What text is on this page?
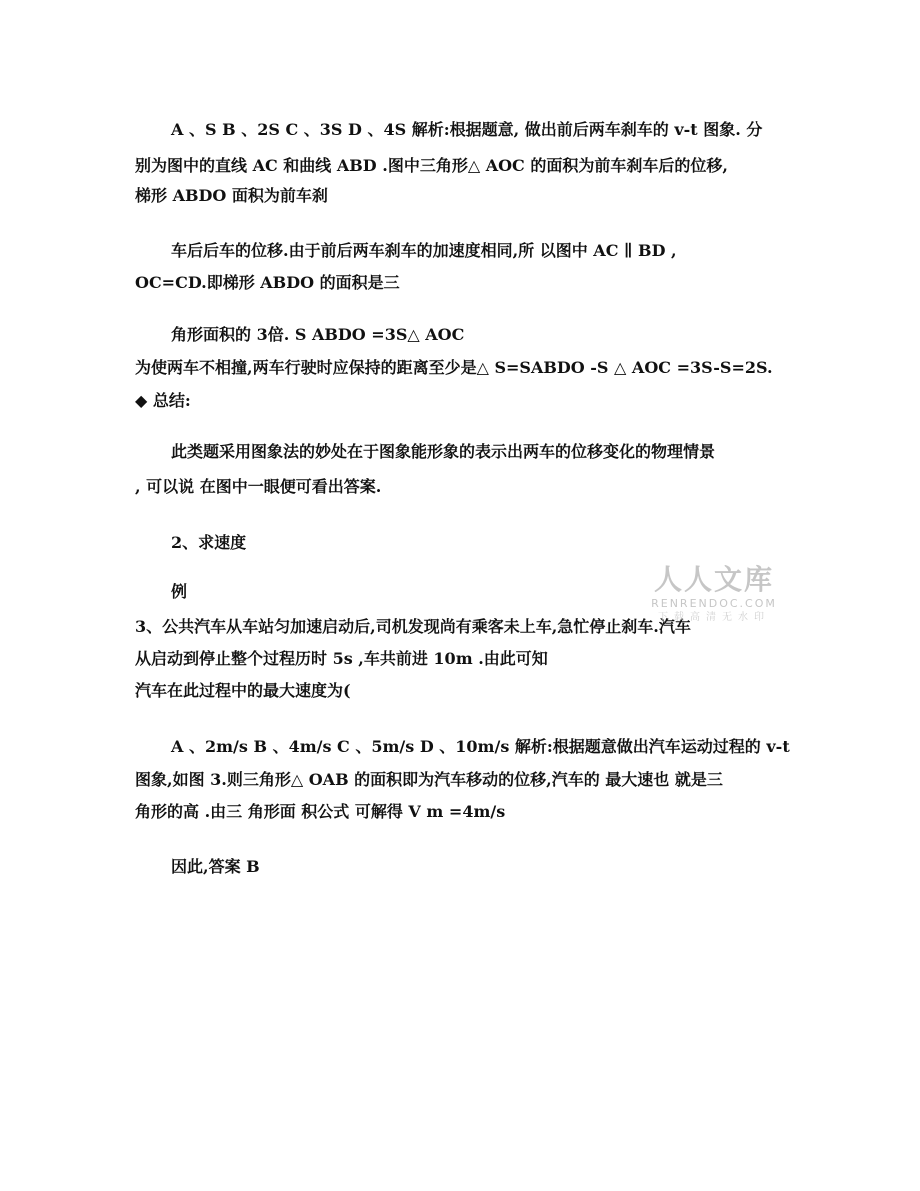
A 、S B 、2S C 、3S D 、4S 解析:根据题意, 做出前后两车刹车的 v-t 图象. 分
别为图中的直线 AC 和曲线 ABD .图中三角形△ AOC 的面积为前车刹车后的位移,
梯形 ABDO 面积为前车刹
车后后车的位移.由于前后两车刹车的加速度相同,所 以图中 AC ∥ BD ,
OC=CD.即梯形 ABDO 的面积是三
角形面积的 3倍. S ABDO =3S△ AOC
为使两车不相撞,两车行驶时应保持的距离至少是△ S=SABDO -S △ AOC =3S-S=2S.
◆ 总结:
此类题采用图象法的妙处在于图象能形象的表示出两车的位移变化的物理情景
, 可以说 在图中一眼便可看出答案.
2、求速度
例
3、公共汽车从车站匀加速启动后,司机发现尚有乘客未上车,急忙停止刹车.汽车
从启动到停止整个过程历时 5s ,车共前进 10m .由此可知
汽车在此过程中的最大速度为(
A 、2m/s B 、4m/s C 、5m/s D 、10m/s 解析:根据题意做出汽车运动过程的 v-t
图象,如图 3.则三角形△ OAB 的面积即为汽车移动的位移,汽车的 最大速也 就是三
角形的高 .由三 角形面 积公式 可解得 V m =4m/s
因此,答案 B
人人文库
RENRENDOC.COM
下载高清无水印
